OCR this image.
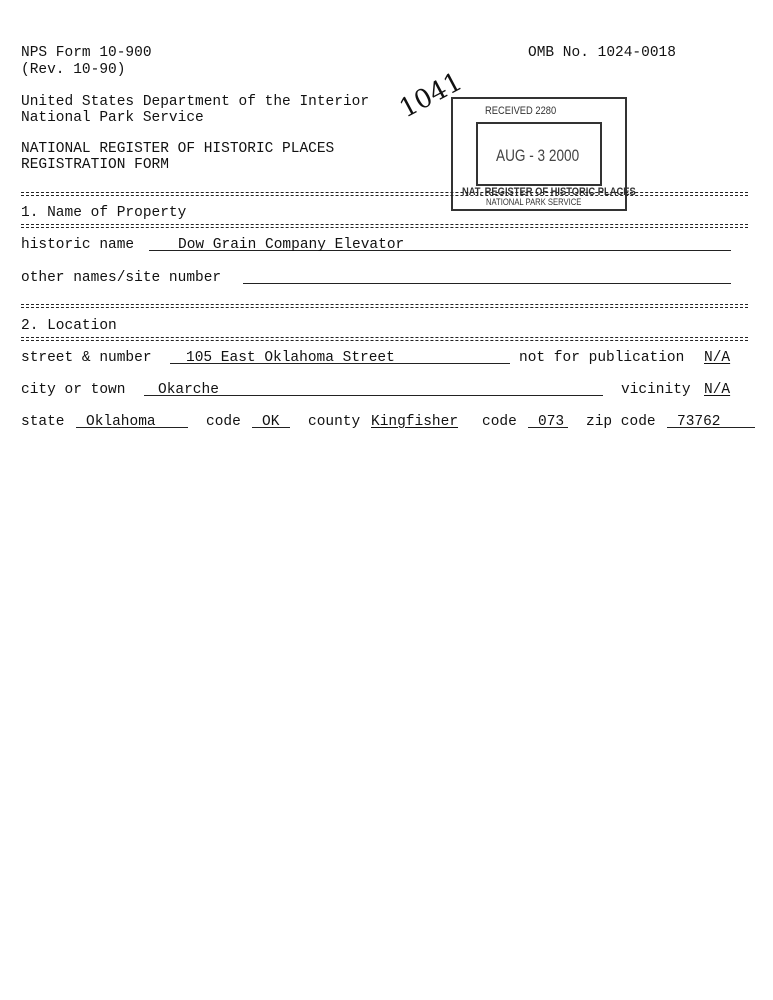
NPS Form 10-900
(Rev. 10-90)
OMB No. 1024-0018
United States Department of the Interior
National Park Service
NATIONAL REGISTER OF HISTORIC PLACES
REGISTRATION FORM
RECEIVED 2280
AUG - 3 2000
NAT. REGISTER OF HISTORIC PLACES
NATIONAL PARK SERVICE
1041
1. Name of Property
historic name	Dow Grain Company Elevator
other names/site number
2. Location
street & number 105 East Oklahoma Street	not for publication N/A
city or town Okarche	vicinity N/A
state Oklahoma	code OK county Kingfisher code 073 zip code 73762
